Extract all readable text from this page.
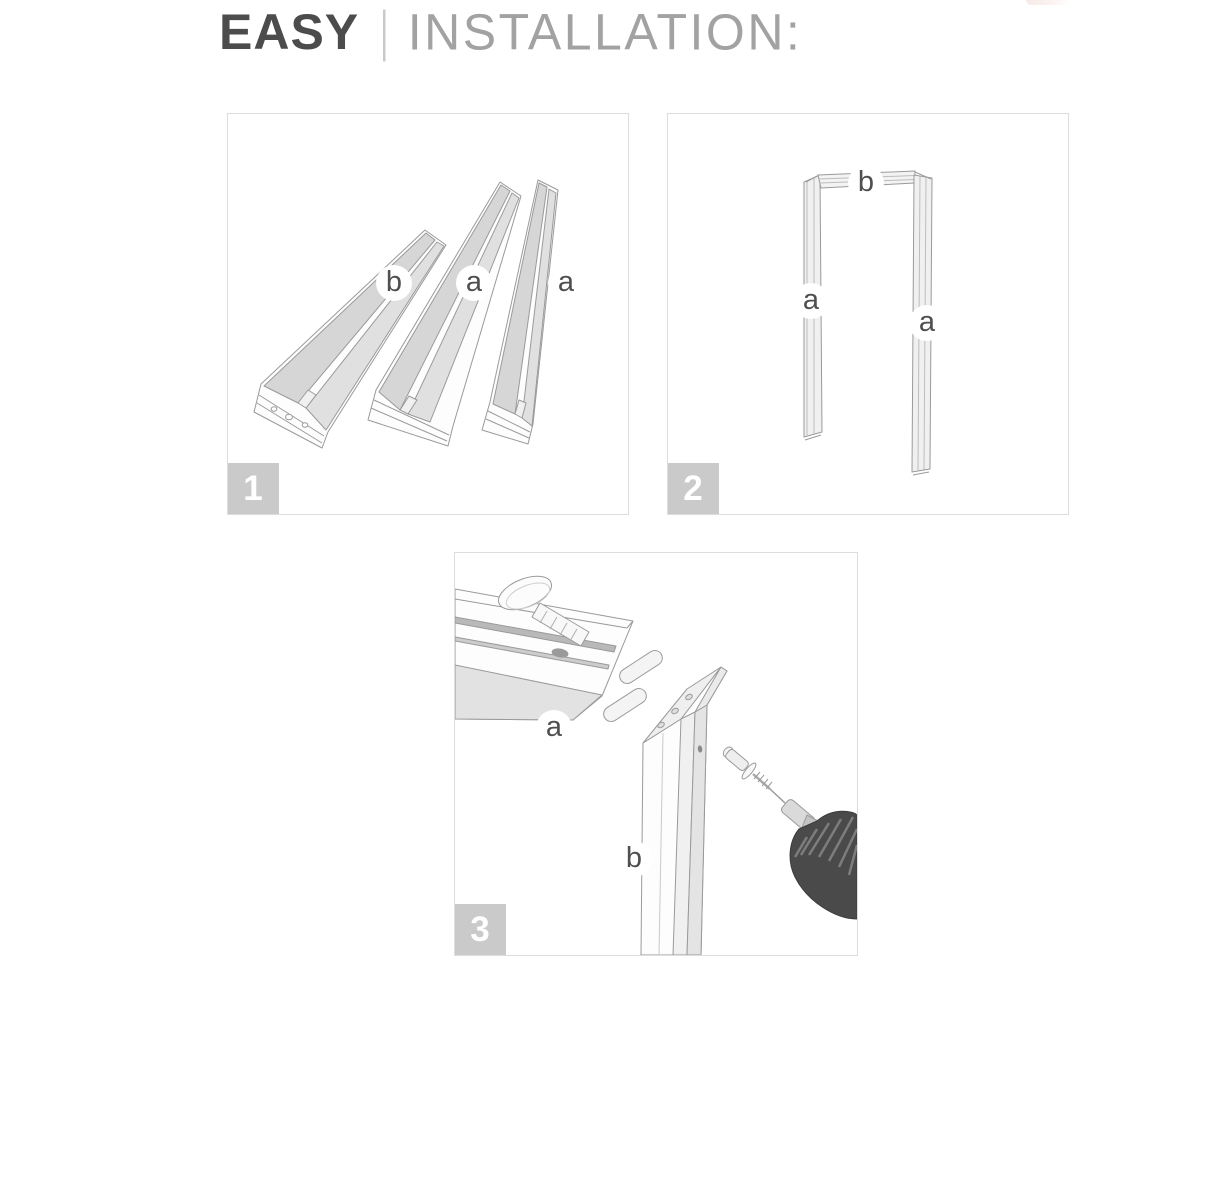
EASY | INSTALLATION:
b	a	a
1
b
a
a
2
a
b
3
